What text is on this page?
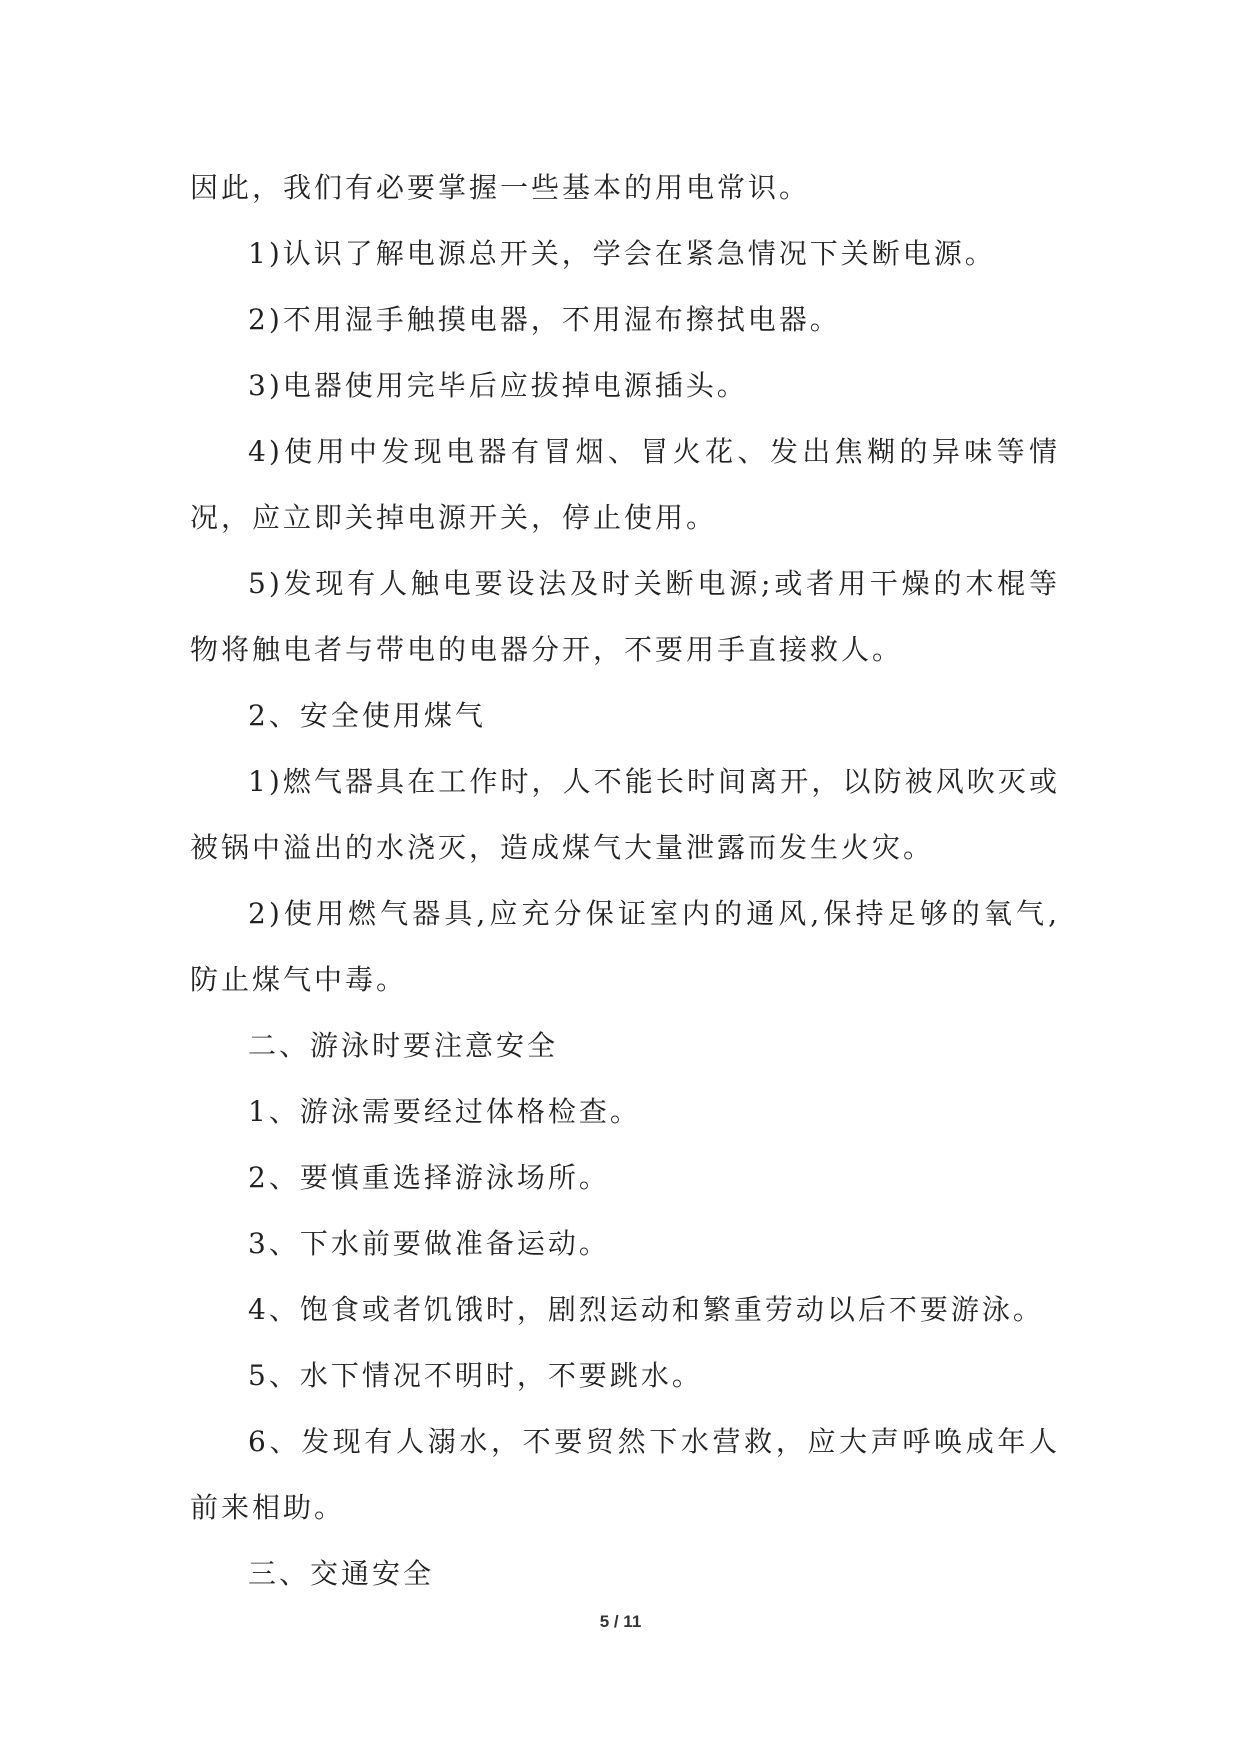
因此，我们有必要掌握一些基本的用电常识。

1)认识了解电源总开关，学会在紧急情况下关断电源。

2)不用湿手触摸电器，不用湿布擦拭电器。

3)电器使用完毕后应拔掉电源插头。

4)使用中发现电器有冒烟、冒火花、发出焦糊的异味等情况，应立即关掉电源开关，停止使用。

5)发现有人触电要设法及时关断电源;或者用干燥的木棍等物将触电者与带电的电器分开，不要用手直接救人。

2、安全使用煤气

1)燃气器具在工作时，人不能长时间离开，以防被风吹灭或被锅中溢出的水浇灭，造成煤气大量泄露而发生火灾。

2)使用燃气器具,应充分保证室内的通风,保持足够的氧气,防止煤气中毒。

二、游泳时要注意安全

1、游泳需要经过体格检查。

2、要慎重选择游泳场所。

3、下水前要做准备运动。

4、饱食或者饥饿时，剧烈运动和繁重劳动以后不要游泳。

5、水下情况不明时，不要跳水。

6、发现有人溺水，不要贸然下水营救，应大声呼唤成年人前来相助。

三、交通安全

5 / 11
